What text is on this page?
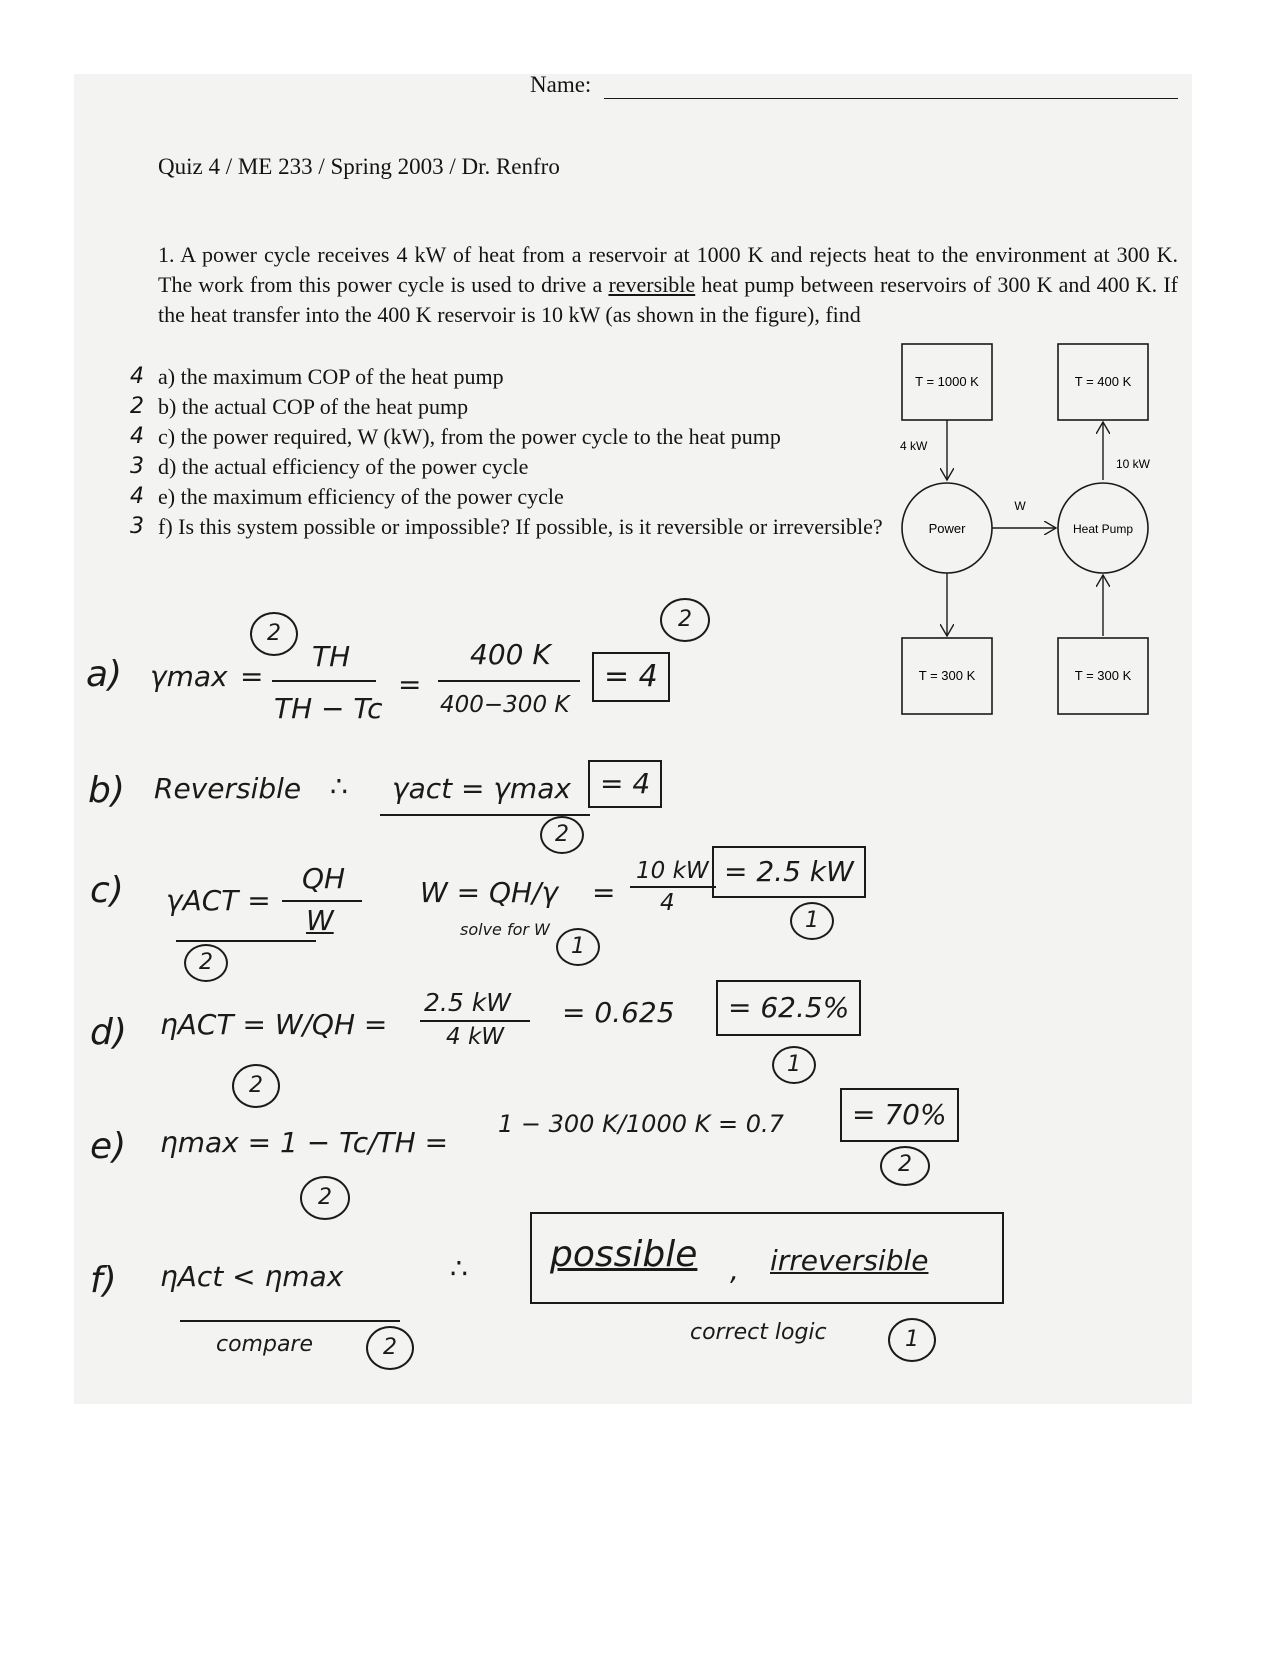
Name:
Quiz 4 / ME 233 / Spring 2003 / Dr. Renfro
1. A power cycle receives 4 kW of heat from a reservoir at 1000 K and rejects heat to the environment at 300 K. The work from this power cycle is used to drive a reversible heat pump between reservoirs of 300 K and 400 K. If the heat transfer into the 400 K reservoir is 10 kW (as shown in the figure), find
4 a) the maximum COP of the heat pump
2 b) the actual COP of the heat pump
4 c) the power required, W (kW), from the power cycle to the heat pump
3 d) the actual efficiency of the power cycle
4 e) the maximum efficiency of the power cycle
3 f) Is this system possible or impossible? If possible, is it reversible or irreversible?
T = 1000 K	T = 400 K
4 kW
10 kW
Power	Heat Pump
W
T = 300 K	T = 300 K
a) γmax =
2
TH
TH − Tc
=
400 K
400−300 K
= 4
2
b) Reversible ∴ γact = γmax	= 4
2
c) γACT =
QH
W
2
W = QH/γ
solve for W
1
=
10 kW
4
= 2.5 kW
1
d) ηACT = W/QH =
2
2.5 kW
4 kW
= 0.625	= 62.5%
1
e) ηmax = 1 − Tc/TH =
2
1 − 300 K/1000 K = 0.7	= 70%
2
f) ηAct < ηmax
compare	2
∴ possible , irreversible
correct logic	1
